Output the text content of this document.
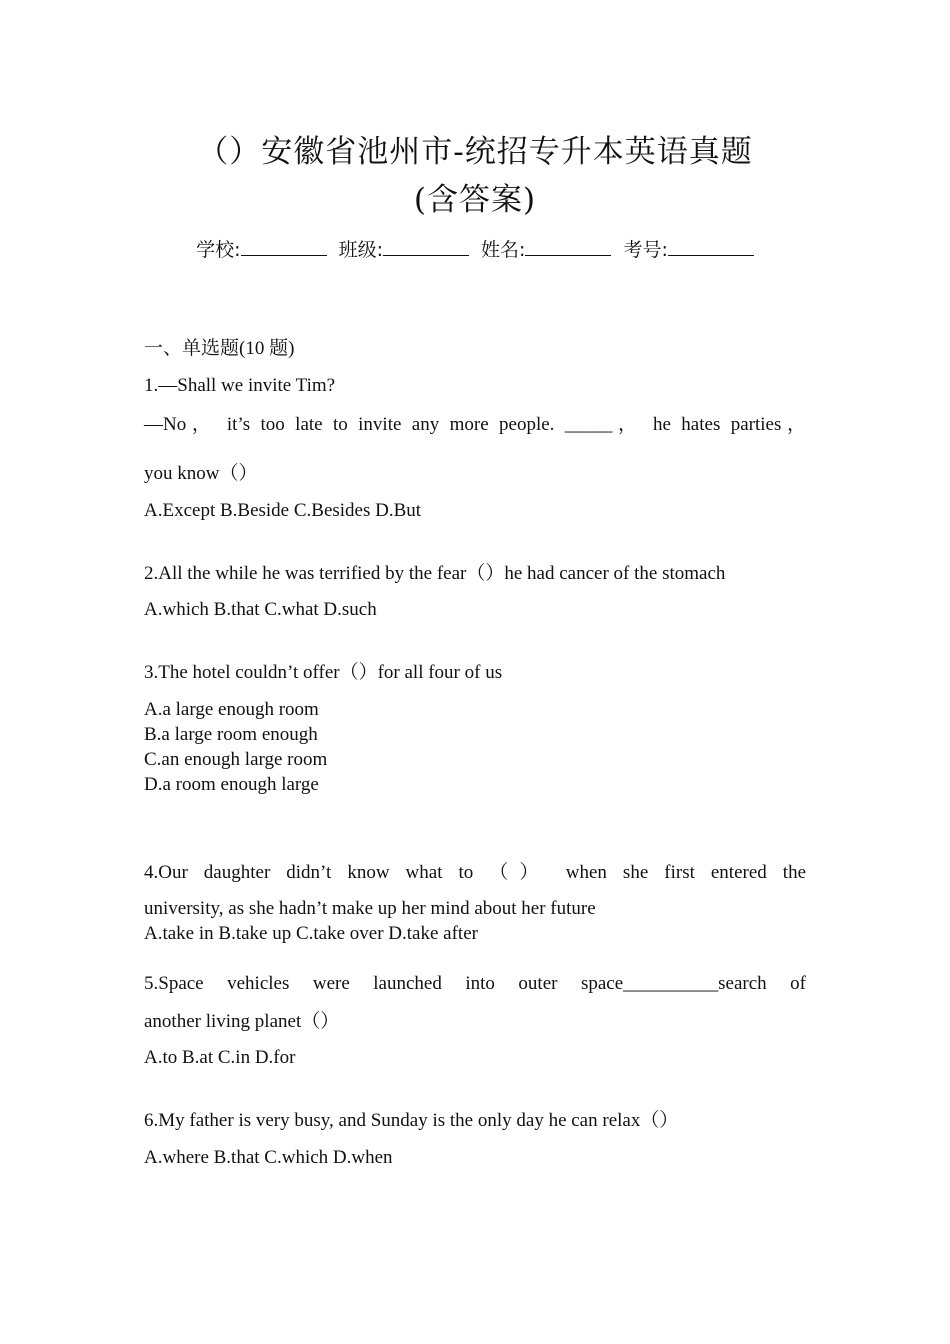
（）安徽省池州市-统招专升本英语真题
(含答案)
学校:	班级:	姓名:	考号:
一、单选题(10 题)
1.—Shall we invite Tim?
—No， it’s too late to invite any more people. _____， he hates parties，
you know（）
A.Except B.Beside C.Besides D.But
2.All the while he was terrified by the fear（）he had cancer of the stomach
A.which B.that C.what D.such
3.The hotel couldn’t offer（）for all four of us
A.a large enough room
B.a large room enough
C.an enough large room
D.a room enough large
4.Our daughter didn’t know what to （） when she first entered the
university, as she hadn’t make up her mind about her future
A.take in B.take up C.take over D.take after
5.Space vehicles were launched into outer space__________search of
another living planet（）
A.to B.at C.in D.for
6.My father is very busy, and Sunday is the only day he can relax（）
A.where B.that C.which D.when
